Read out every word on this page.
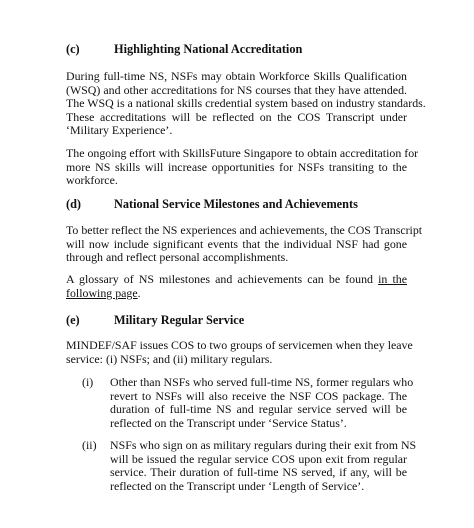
(c)	Highlighting National Accreditation
During full-time NS, NSFs may obtain Workforce Skills Qualification
(WSQ) and other accreditations for NS courses that they have attended.
The WSQ is a national skills credential system based on industry standards.
These accreditations will be reflected on the COS Transcript under
‘Military Experience’.
The ongoing effort with SkillsFuture Singapore to obtain accreditation for
more NS skills will increase opportunities for NSFs transiting to the
workforce.
(d)	National Service Milestones and Achievements
To better reflect the NS experiences and achievements, the COS Transcript
will now include significant events that the individual NSF had gone
through and reflect personal accomplishments.
A glossary of NS milestones and achievements can be found in the
following page.
(e)	Military Regular Service
MINDEF/SAF issues COS to two groups of servicemen when they leave
service: (i) NSFs; and (ii) military regulars.
(i)	Other than NSFs who served full-time NS, former regulars who
revert to NSFs will also receive the NSF COS package. The
duration of full-time NS and regular service served will be
reflected on the Transcript under ‘Service Status’.
(ii)	NSFs who sign on as military regulars during their exit from NS
will be issued the regular service COS upon exit from regular
service. Their duration of full-time NS served, if any, will be
reflected on the Transcript under ‘Length of Service’.
